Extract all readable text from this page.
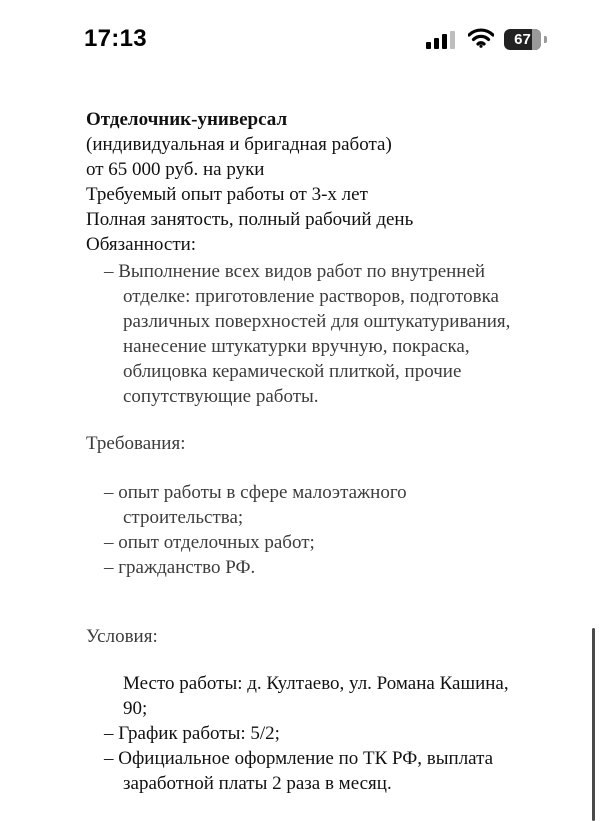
17:13	67
Отделочник-универсал
(индивидуальная и бригадная работа)
от 65 000 руб. на руки
Требуемый опыт работы от 3-х лет
Полная занятость, полный рабочий день
Обязанности:
– Выполнение всех видов работ по внутренней
отделке: приготовление растворов, подготовка
различных поверхностей для оштукатуривания,
нанесение штукатурки вручную, покраска,
облицовка керамической плиткой, прочие
сопутствующие работы.
Требования:
– опыт работы в сфере малоэтажного
строительства;
– опыт отделочных работ;
– гражданство РФ.
Условия:
Место работы: д. Култаево, ул. Романа Кашина,
90;
– График работы: 5/2;
– Официальное оформление по ТК РФ, выплата
заработной платы 2 раза в месяц.
